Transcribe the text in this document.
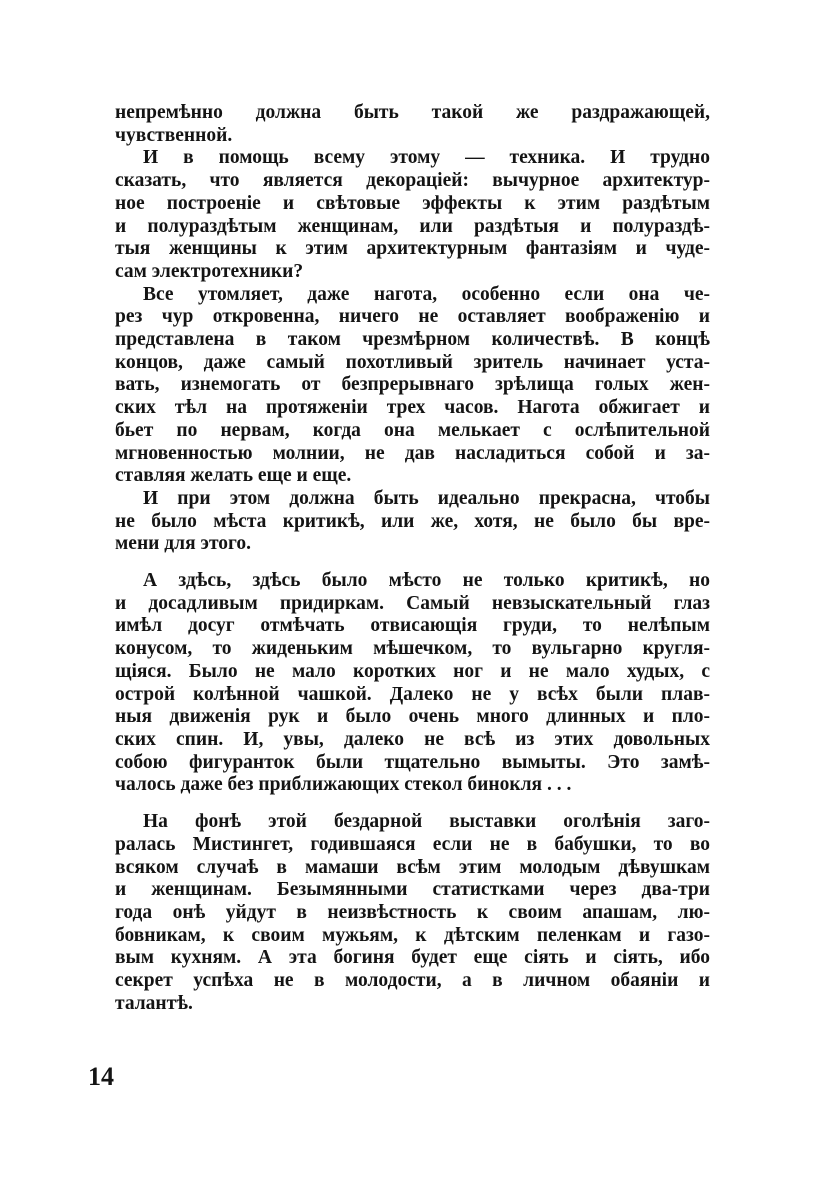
непремѣнно должна быть такой же раздражающей,
чувственной.
И в помощь всему этому — техника. И трудно
сказать, что является декораціей: вычурное архитектур-
ное построеніе и свѣтовые эффекты к этим раздѣтым
и полураздѣтым женщинам, или раздѣтыя и полураздѣ-
тыя женщины к этим архитектурным фантазіям и чуде-
сам электротехники?
Все утомляет, даже нагота, особенно если она че-
рез чур откровенна, ничего не оставляет воображенію и
представлена в таком чрезмѣрном количествѣ. В концѣ
концов, даже самый похотливый зритель начинает уста-
вать, изнемогать от безпрерывнаго зрѣлища голых жен-
ских тѣл на протяженіи трех часов. Нагота обжигает и
бьет по нервам, когда она мелькает с ослѣпительной
мгновенностью молнии, не дав насладиться собой и за-
ставляя желать еще и еще.
И при этом должна быть идеально прекрасна, чтобы
не было мѣста критикѣ, или же, хотя, не было бы вре-
мени для этого.
А здѣсь, здѣсь было мѣсто не только критикѣ, но
и досадливым придиркам. Самый невзыскательный глаз
имѣл досуг отмѣчать отвисающія груди, то нелѣпым
конусом, то жиденьким мѣшечком, то вульгарно кругля-
щіяся. Было не мало коротких ног и не мало худых, с
острой колѣнной чашкой. Далеко не у всѣх были плав-
ныя движенія рук и было очень много длинных и пло-
ских спин. И, увы, далеко не всѣ из этих довольных
собою фигуранток были тщательно вымыты. Это замѣ-
чалось даже без приближающих стекол бинокля . . .
На фонѣ этой бездарной выставки оголѣнія заго-
ралась Мистингет, годившаяся если не в бабушки, то во
всяком случаѣ в мамаши всѣм этим молодым дѣвушкам
и женщинам. Безымянными статистками через два-три
года онѣ уйдут в неизвѣстность к своим апашам, лю-
бовникам, к своим мужьям, к дѣтским пеленкам и газо-
вым кухням. А эта богиня будет еще сіять и сіять, ибо
секрет успѣха не в молодости, а в личном обаяніи и
талантѣ.
14
